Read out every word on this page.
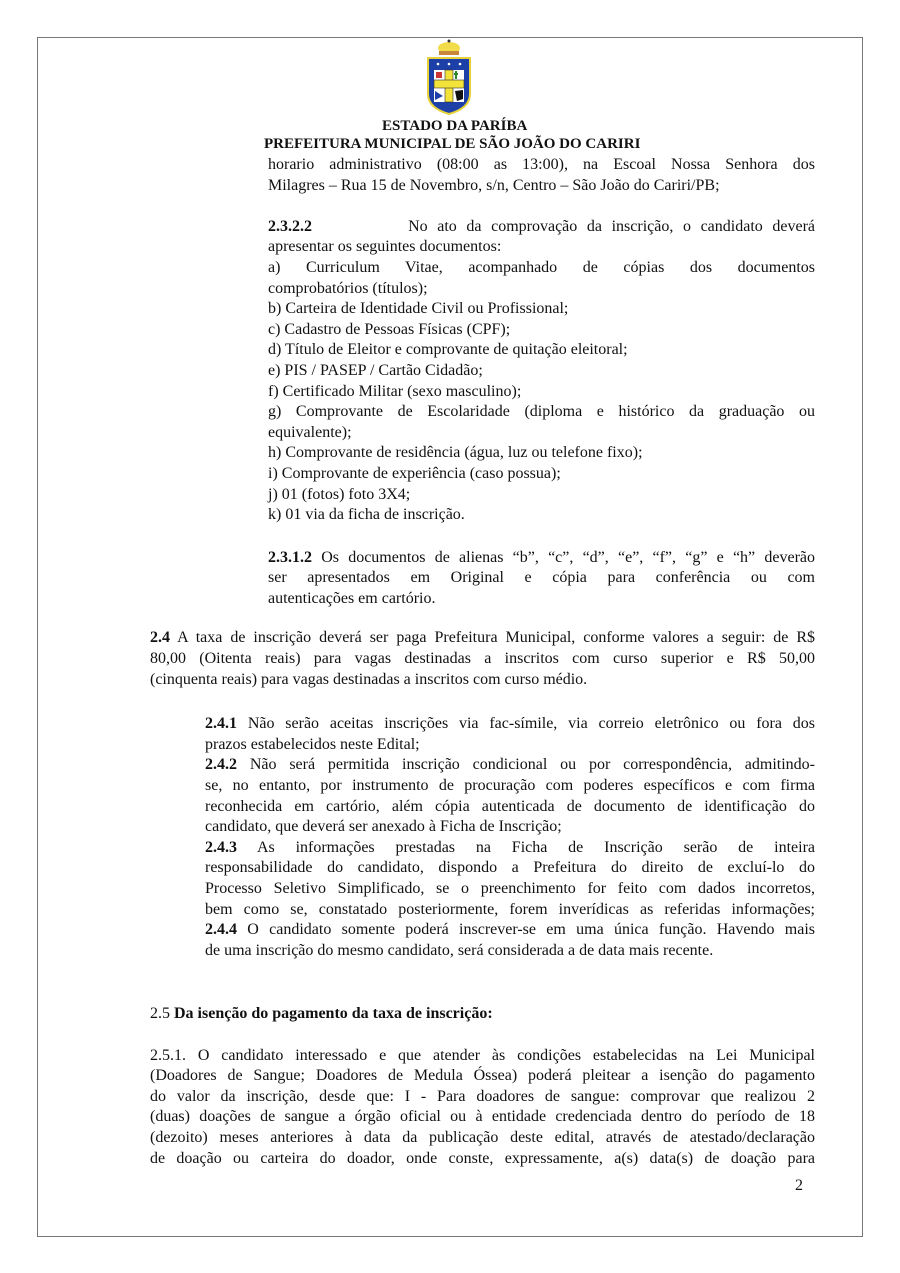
ESTADO DA PARÍBA
PREFEITURA MUNICIPAL DE SÃO JOÃO DO CARIRI
horario administrativo (08:00 as 13:00), na Escoal Nossa Senhora dos
Milagres – Rua 15 de Novembro, s/n, Centro – São João do Cariri/PB;
2.3.2.2          No ato da comprovação da inscrição, o candidato deverá
apresentar os seguintes documentos:
a) Curriculum Vitae, acompanhado de cópias dos documentos
comprobatórios (títulos);
b) Carteira de Identidade Civil ou Profissional;
c) Cadastro de Pessoas Físicas (CPF);
d) Título de Eleitor e comprovante de quitação eleitoral;
e) PIS / PASEP / Cartão Cidadão;
f) Certificado Militar (sexo masculino);
g) Comprovante de Escolaridade (diploma e histórico da graduação ou
equivalente);
h) Comprovante de residência (água, luz ou telefone fixo);
i) Comprovante de experiência (caso possua);
j) 01 (fotos) foto 3X4;
k) 01 via da ficha de inscrição.
2.3.1.2 Os documentos de alienas “b”, “c”, “d”, “e”, “f”, “g” e “h” deverão
ser apresentados em Original e cópia para conferência ou com
autenticações em cartório.
2.4 A taxa de inscrição deverá ser paga Prefeitura Municipal, conforme valores a seguir: de R$
80,00 (Oitenta reais) para vagas destinadas a inscritos com curso superior e R$ 50,00
(cinquenta reais) para vagas destinadas a inscritos com curso médio.
2.4.1 Não serão aceitas inscrições via fac-símile, via correio eletrônico ou fora dos
prazos estabelecidos neste Edital;
2.4.2 Não será permitida inscrição condicional ou por correspondência, admitindo-
se, no entanto, por instrumento de procuração com poderes específicos e com firma
reconhecida em cartório, além cópia autenticada de documento de identificação do
candidato, que deverá ser anexado à Ficha de Inscrição;
2.4.3 As informações prestadas na Ficha de Inscrição serão de inteira
responsabilidade do candidato, dispondo a Prefeitura do direito de excluí-lo do
Processo Seletivo Simplificado, se o preenchimento for feito com dados incorretos,
bem como se, constatado posteriormente, forem inverídicas as referidas informações;
2.4.4 O candidato somente poderá inscrever-se em uma única função. Havendo mais
de uma inscrição do mesmo candidato, será considerada a de data mais recente.
2.5 Da isenção do pagamento da taxa de inscrição:
2.5.1. O candidato interessado e que atender às condições estabelecidas na Lei Municipal
(Doadores de Sangue; Doadores de Medula Óssea) poderá pleitear a isenção do pagamento
do valor da inscrição, desde que: I - Para doadores de sangue: comprovar que realizou 2
(duas) doações de sangue a órgão oficial ou à entidade credenciada dentro do período de 18
(dezoito) meses anteriores à data da publicação deste edital, através de atestado/declaração
de doação ou carteira do doador, onde conste, expressamente, a(s) data(s) de doação para
2
